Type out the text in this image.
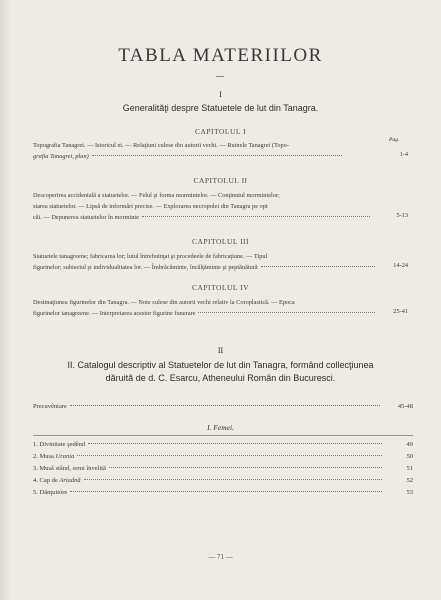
TABLA MATERIILOR
I
Generalităţi despre Statuetele de lut din Tanagra.
CAPITOLUL I
Pag.
Topografia Tanagrei. — Istoricul ei. — Relaţiuni culese din autorii vechi. — Ruinele Tanagrei (Topo-
grafia Tanagrei, plan)	1-4
CAPITOLUL II
Descoperirea accidentală a statuetelor. — Felul şi forma mormintelor. — Conţinutul mormintelor;
starea statuetelor. — Lipsă de informări precise. — Explorarea necropolei din Tanagra pe opt
căi. — Depunerea statuetelor în morminte	5-13
CAPITOLUL III
Statuetele tanagreene; fabricarea lor; lutul întrebuinţat şi procedeele de fabricaţiune. — Tipul
figurinelor; subiectul şi individualitatea lor. — Îmbrăcăminte, încălţăminte şi peptănătură	14-24
CAPITOLUL IV
Destinaţiunea figurinelor din Tanagra. — Note culese din autorii vechi relativ la Coroplastică. — Epoca
figurinelor tanagreene. — Interpretarea acestor figurine funerare	25-41
II
II. Catalogul descriptiv al Statuetelor de lut din Tanagra, formând collecţiunea
dăruită de d. C. Esarcu, Atheneului Român din Bucuresci.
Precuvêntare	45-48
I. Femei.
1. Divinitate şedênd	49
2. Musa Urania	50
3. Musă stând, semi învelită	51
4. Cap de Ariadnă	52
5. Dănţuitóre	53
— 71 —
